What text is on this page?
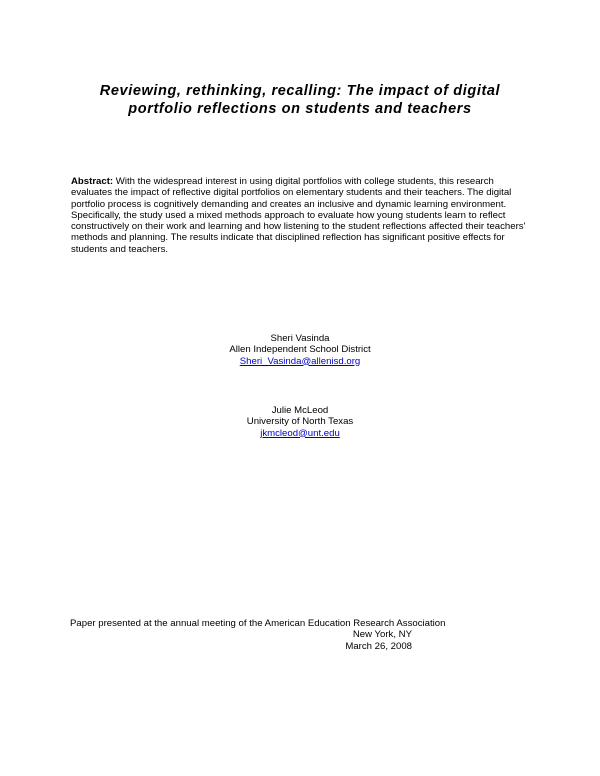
Reviewing, rethinking, recalling: The impact of digital
portfolio reflections on students and teachers

Abstract: With the widespread interest in using digital portfolios with college students, this research evaluates the impact of reflective digital portfolios on elementary students and their teachers. The digital portfolio process is cognitively demanding and creates an inclusive and dynamic learning environment. Specifically, the study used a mixed methods approach to evaluate how young students learn to reflect constructively on their work and learning and how listening to the student reflections affected their teachers' methods and planning. The results indicate that disciplined reflection has significant positive effects for students and teachers.

Sheri Vasinda
Allen Independent School District
Sheri_Vasinda@allenisd.org
Julie McLeod
University of North Texas
jkmcleod@unt.edu
Paper presented at the annual meeting of the American Education Research Association
New York, NY
March 26, 2008
